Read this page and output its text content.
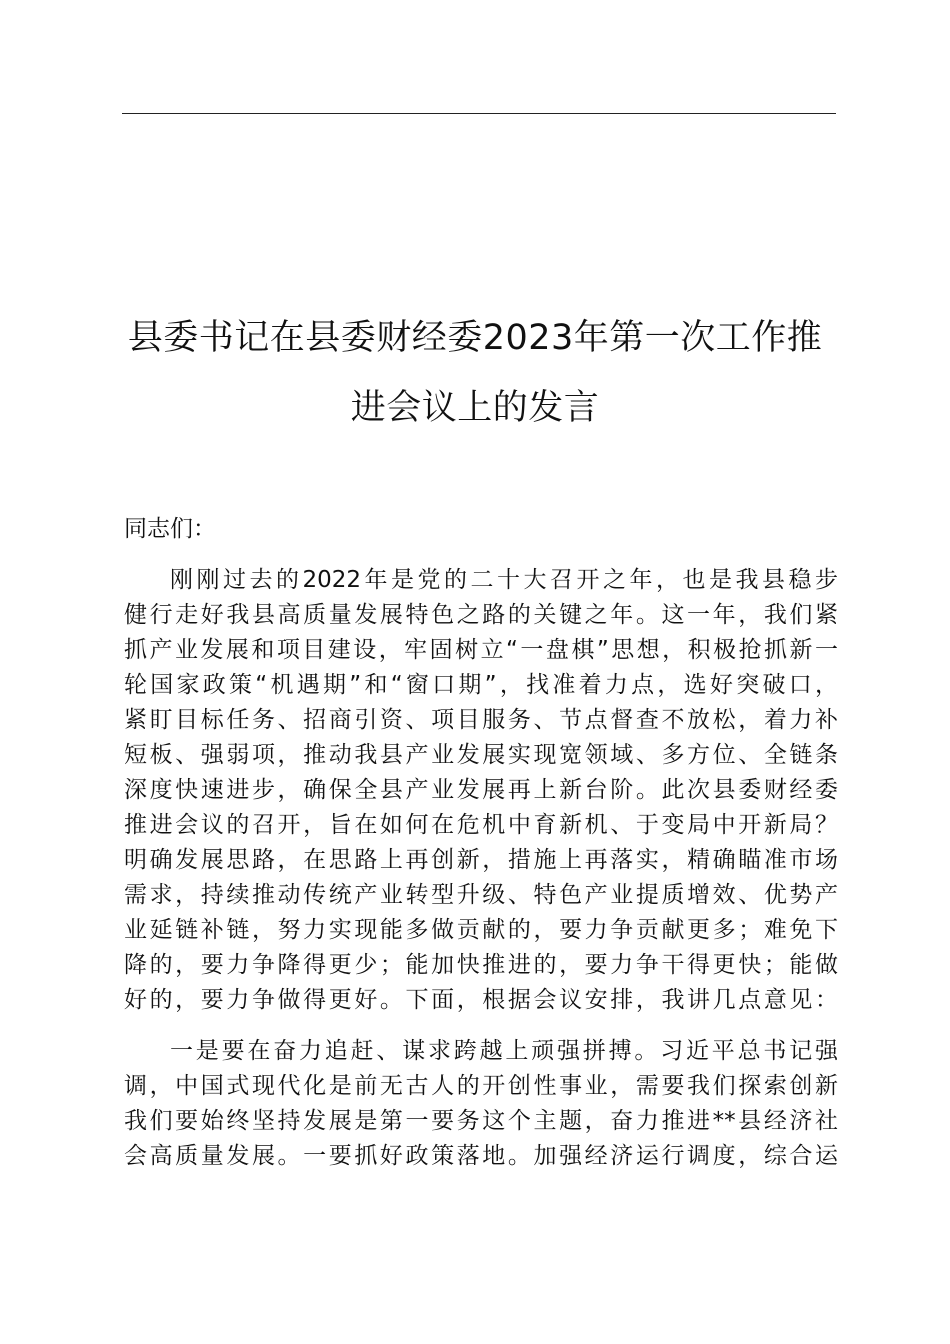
县委书记在县委财经委2023年第一次工作推
进会议上的发言
同志们：
刚刚过去的2022年是党的二十大召开之年，也是我县稳步
健行走好我县高质量发展特色之路的关键之年。这一年，我们紧
抓产业发展和项目建设，牢固树立“一盘棋”思想，积极抢抓新一
轮国家政策“机遇期”和“窗口期”，找准着力点，选好突破口，
紧盯目标任务、招商引资、项目服务、节点督查不放松，着力补
短板、强弱项，推动我县产业发展实现宽领域、多方位、全链条
深度快速进步，确保全县产业发展再上新台阶。此次县委财经委
推进会议的召开，旨在如何在危机中育新机、于变局中开新局？
明确发展思路，在思路上再创新，措施上再落实，精确瞄准市场
需求，持续推动传统产业转型升级、特色产业提质增效、优势产
业延链补链，努力实现能多做贡献的，要力争贡献更多；难免下
降的，要力争降得更少；能加快推进的，要力争干得更快；能做
好的，要力争做得更好。下面，根据会议安排，我讲几点意见：
一是要在奋力追赶、谋求跨越上顽强拼搏。习近平总书记强
调，中国式现代化是前无古人的开创性事业，需要我们探索创新
我们要始终坚持发展是第一要务这个主题，奋力推进**县经济社
会高质量发展。一要抓好政策落地。加强经济运行调度，综合运
